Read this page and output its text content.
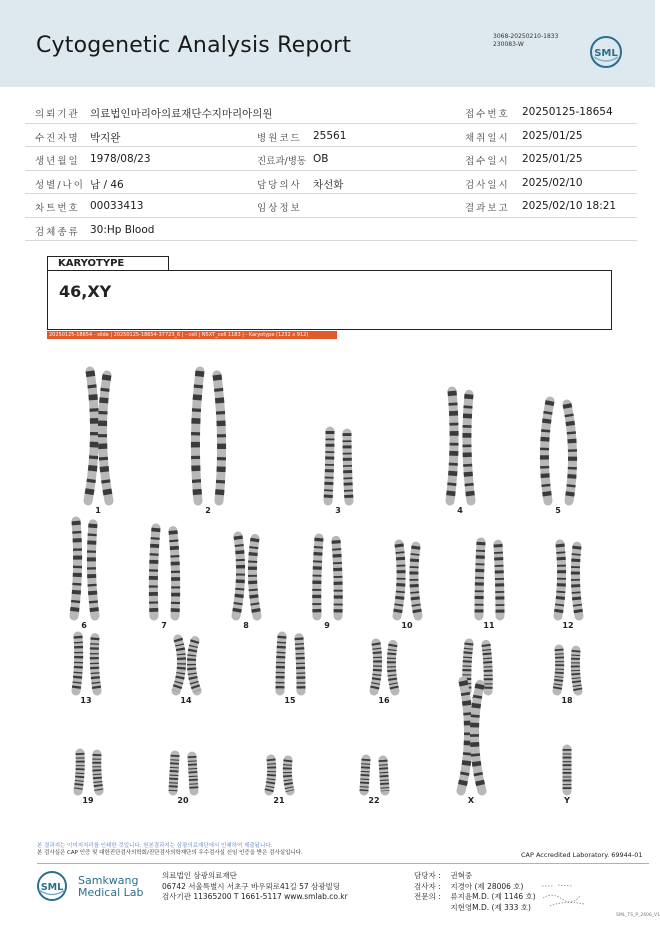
Cytogenetic Analysis Report	3068-20250210-1833
230083-W
SML
의뢰기관 의료법인마리아의료재단수지마리아의원	접수번호 20250125-18654
수진자명 박지완	병원코드 25561	채취일시 2025/01/25
생년월일 1978/08/23	진료과/병동 OB	접수일시 2025/01/25
성별/나이 남 / 46	담당의사 차선화	검사일시 2025/02/10
차트번호 00033413	임상정보	결과보고 2025/02/10 18:21
검체종류 30:Hp Blood
KARYOTYPE
46,XY
20250125-18654 - slide | 20250125-18654-37723_6 | - cell | N5XT_cell 1183 | - Karyotype (1232 x 912)
1	2	3	4	5
6	7	8	9	10	11	12
13	14	15	16	17	18
19	20	21	22	X	Y
본 결과지는 이미지처리를 인쇄한 것입니다. 원본결과지는 삼광의료재단에서 인쇄하여 제출됩니다.
본 검사실은 CAP 인증 및 대한진단검사의학회/진단검사의학재단의 우수검사실 신임 인증을 받은 검사실입니다.	CAP Accredited Laboratory. 69944-01
SML
Samkwang
Medical Lab
의료법인 삼광의료재단
06742 서울특별시 서초구 바우뫼로41길 57 삼광빌딩
검사기관 11365200 T 1661-5117 www.smlab.co.kr
담당자 : 권혁중
검사자 : 지경아 (제 28006 호)
전문의 : 류지윤M.D. (제 1146 호)
지현영M.D. (제 333 호)
SML_TS_P_2406_V1
